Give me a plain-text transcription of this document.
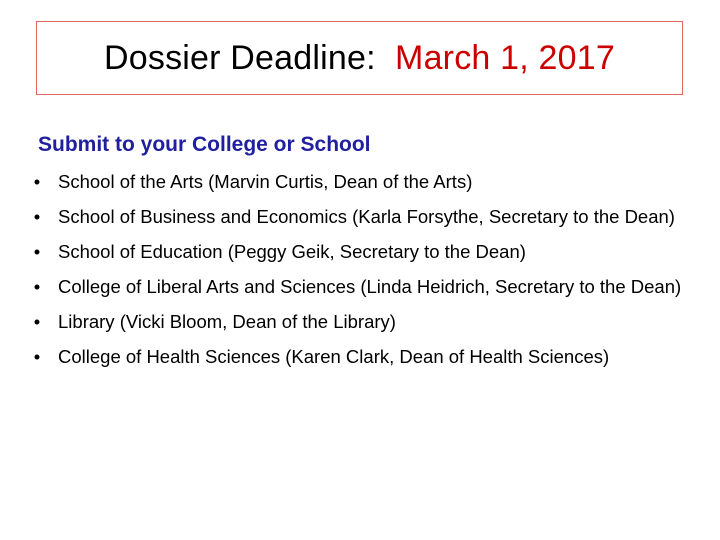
Dossier Deadline: March 1, 2017
Submit to your College or School
• School of the Arts (Marvin Curtis, Dean of the Arts)
• School of Business and Economics (Karla Forsythe, Secretary to the Dean)
• School of Education (Peggy Geik, Secretary to the Dean)
• College of Liberal Arts and Sciences (Linda Heidrich, Secretary to the Dean)
• Library (Vicki Bloom, Dean of the Library)
• College of Health Sciences (Karen Clark, Dean of Health Sciences)
